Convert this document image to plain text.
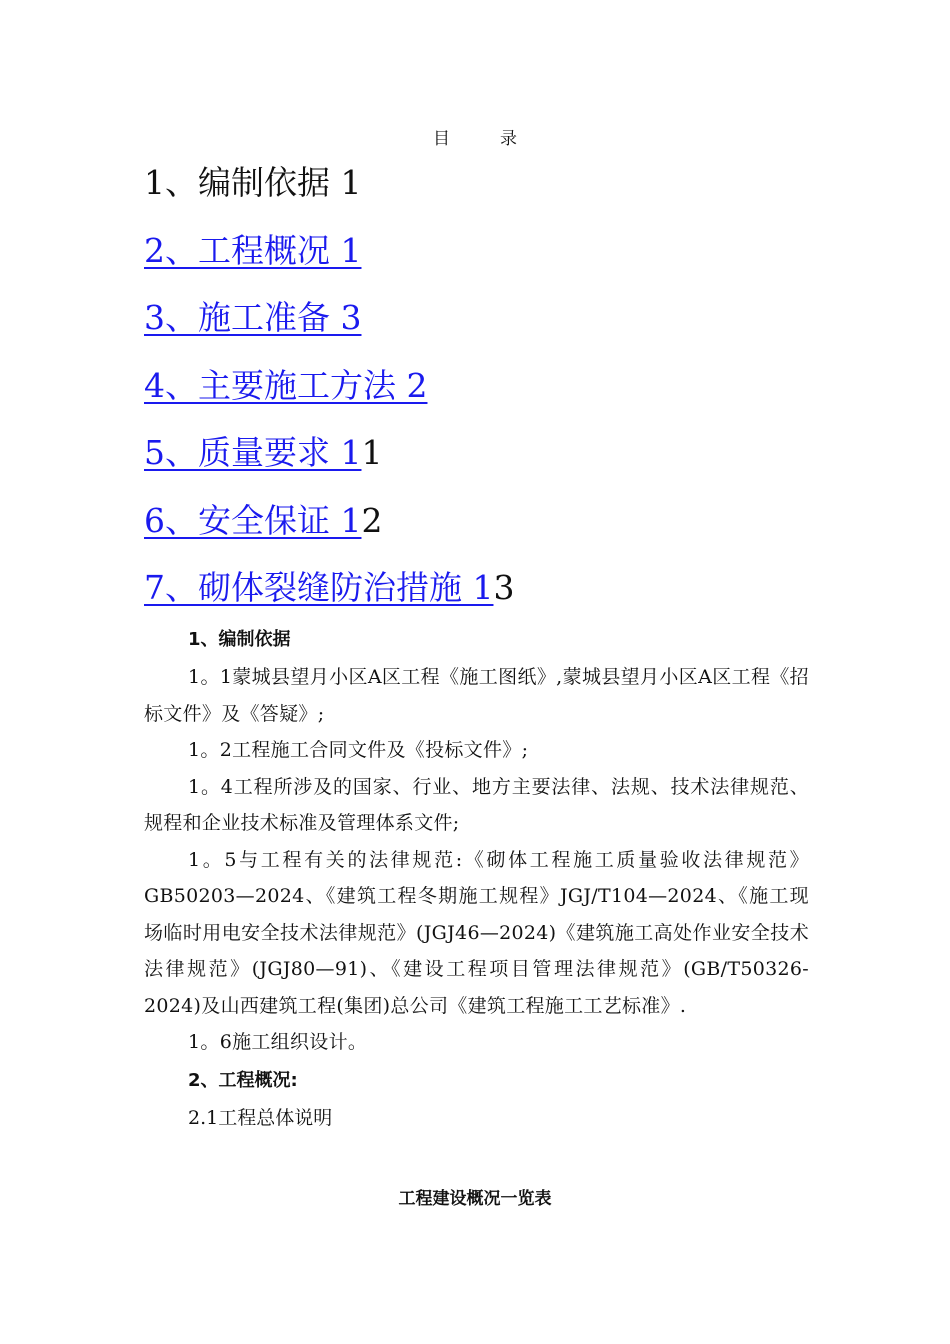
目	录
1、编制依据 1
2、工程概况 1
3、施工准备 3
4、主要施工方法 2
5、质量要求 11
6、安全保证 12
7、砌体裂缝防治措施 13
1、编制依据
1。1蒙城县望月小区A区工程《施工图纸》,蒙城县望月小区A区工程《招标文件》及《答疑》;
1。2工程施工合同文件及《投标文件》;
1。4工程所涉及的国家、行业、地方主要法律、法规、技术法律规范、规程和企业技术标准及管理体系文件;
1。5与工程有关的法律规范:《砌体工程施工质量验收法律规范》GB50203—2024、《建筑工程冬期施工规程》JGJ/T104—2024、《施工现场临时用电安全技术法律规范》(JGJ46—2024)《建筑施工高处作业安全技术法律规范》(JGJ80—91)、《建设工程项目管理法律规范》(GB/T50326-2024)及山西建筑工程(集团)总公司《建筑工程施工工艺标准》.
1。6施工组织设计。
2、工程概况:
2.1工程总体说明
工程建设概况一览表
